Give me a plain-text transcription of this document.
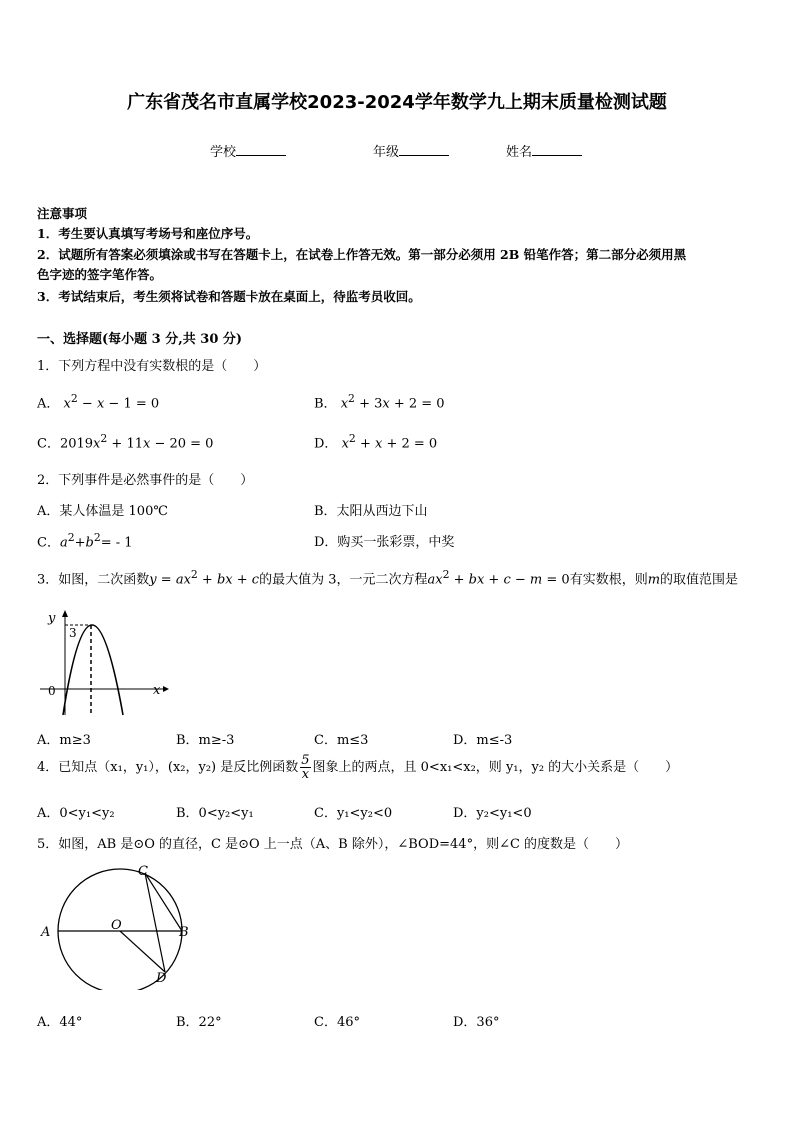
广东省茂名市直属学校2023-2024学年数学九上期末质量检测试题
学校	年级	姓名
注意事项
1．考生要认真填写考场号和座位序号。
2．试题所有答案必须填涂或书写在答题卡上，在试卷上作答无效。第一部分必须用 2B 铅笔作答；第二部分必须用黑
色字迹的签字笔作答。
3．考试结束后，考生须将试卷和答题卡放在桌面上，待监考员收回。
一、选择题(每小题 3 分,共 30 分)
1．下列方程中没有实数根的是（　　）
A． $x^2 - x - 1 = 0$	B． $x^2 + 3x + 2 = 0$
C．$2019x^2 + 11x - 20 = 0$	D． $x^2 + x + 2 = 0$
2．下列事件是必然事件的是（　　）
A．某人体温是 100℃	B．太阳从西边下山
C．$a^2+b^2= - 1$	D．购买一张彩票，中奖
3．如图，二次函数$y = ax^2$ + bx + c的最大值为 3，一元二次方程$ax^2$ + bx + c − m = 0有实数根，则m的取值范围是
y
3
0	x
A．m≥3	B．m≥-3	C．m≤3	D．m≤-3
4．已知点（x₁，y₁），(x₂，y₂) 是反比例函数 $\frac{5}{x}$ 图象上的两点，且 0<x₁<x₂，则 y₁，y₂ 的大小关系是（　　）
A．0<y₁<y₂	B．0<y₂<y₁	C．y₁<y₂<0	D．y₂<y₁<0
5．如图，AB 是⊙O 的直径，C 是⊙O 上一点（A、B 除外），∠BOD=44°，则∠C 的度数是（　　）
A	B
C
D
O
A．44°	B．22°	C．46°	D．36°
